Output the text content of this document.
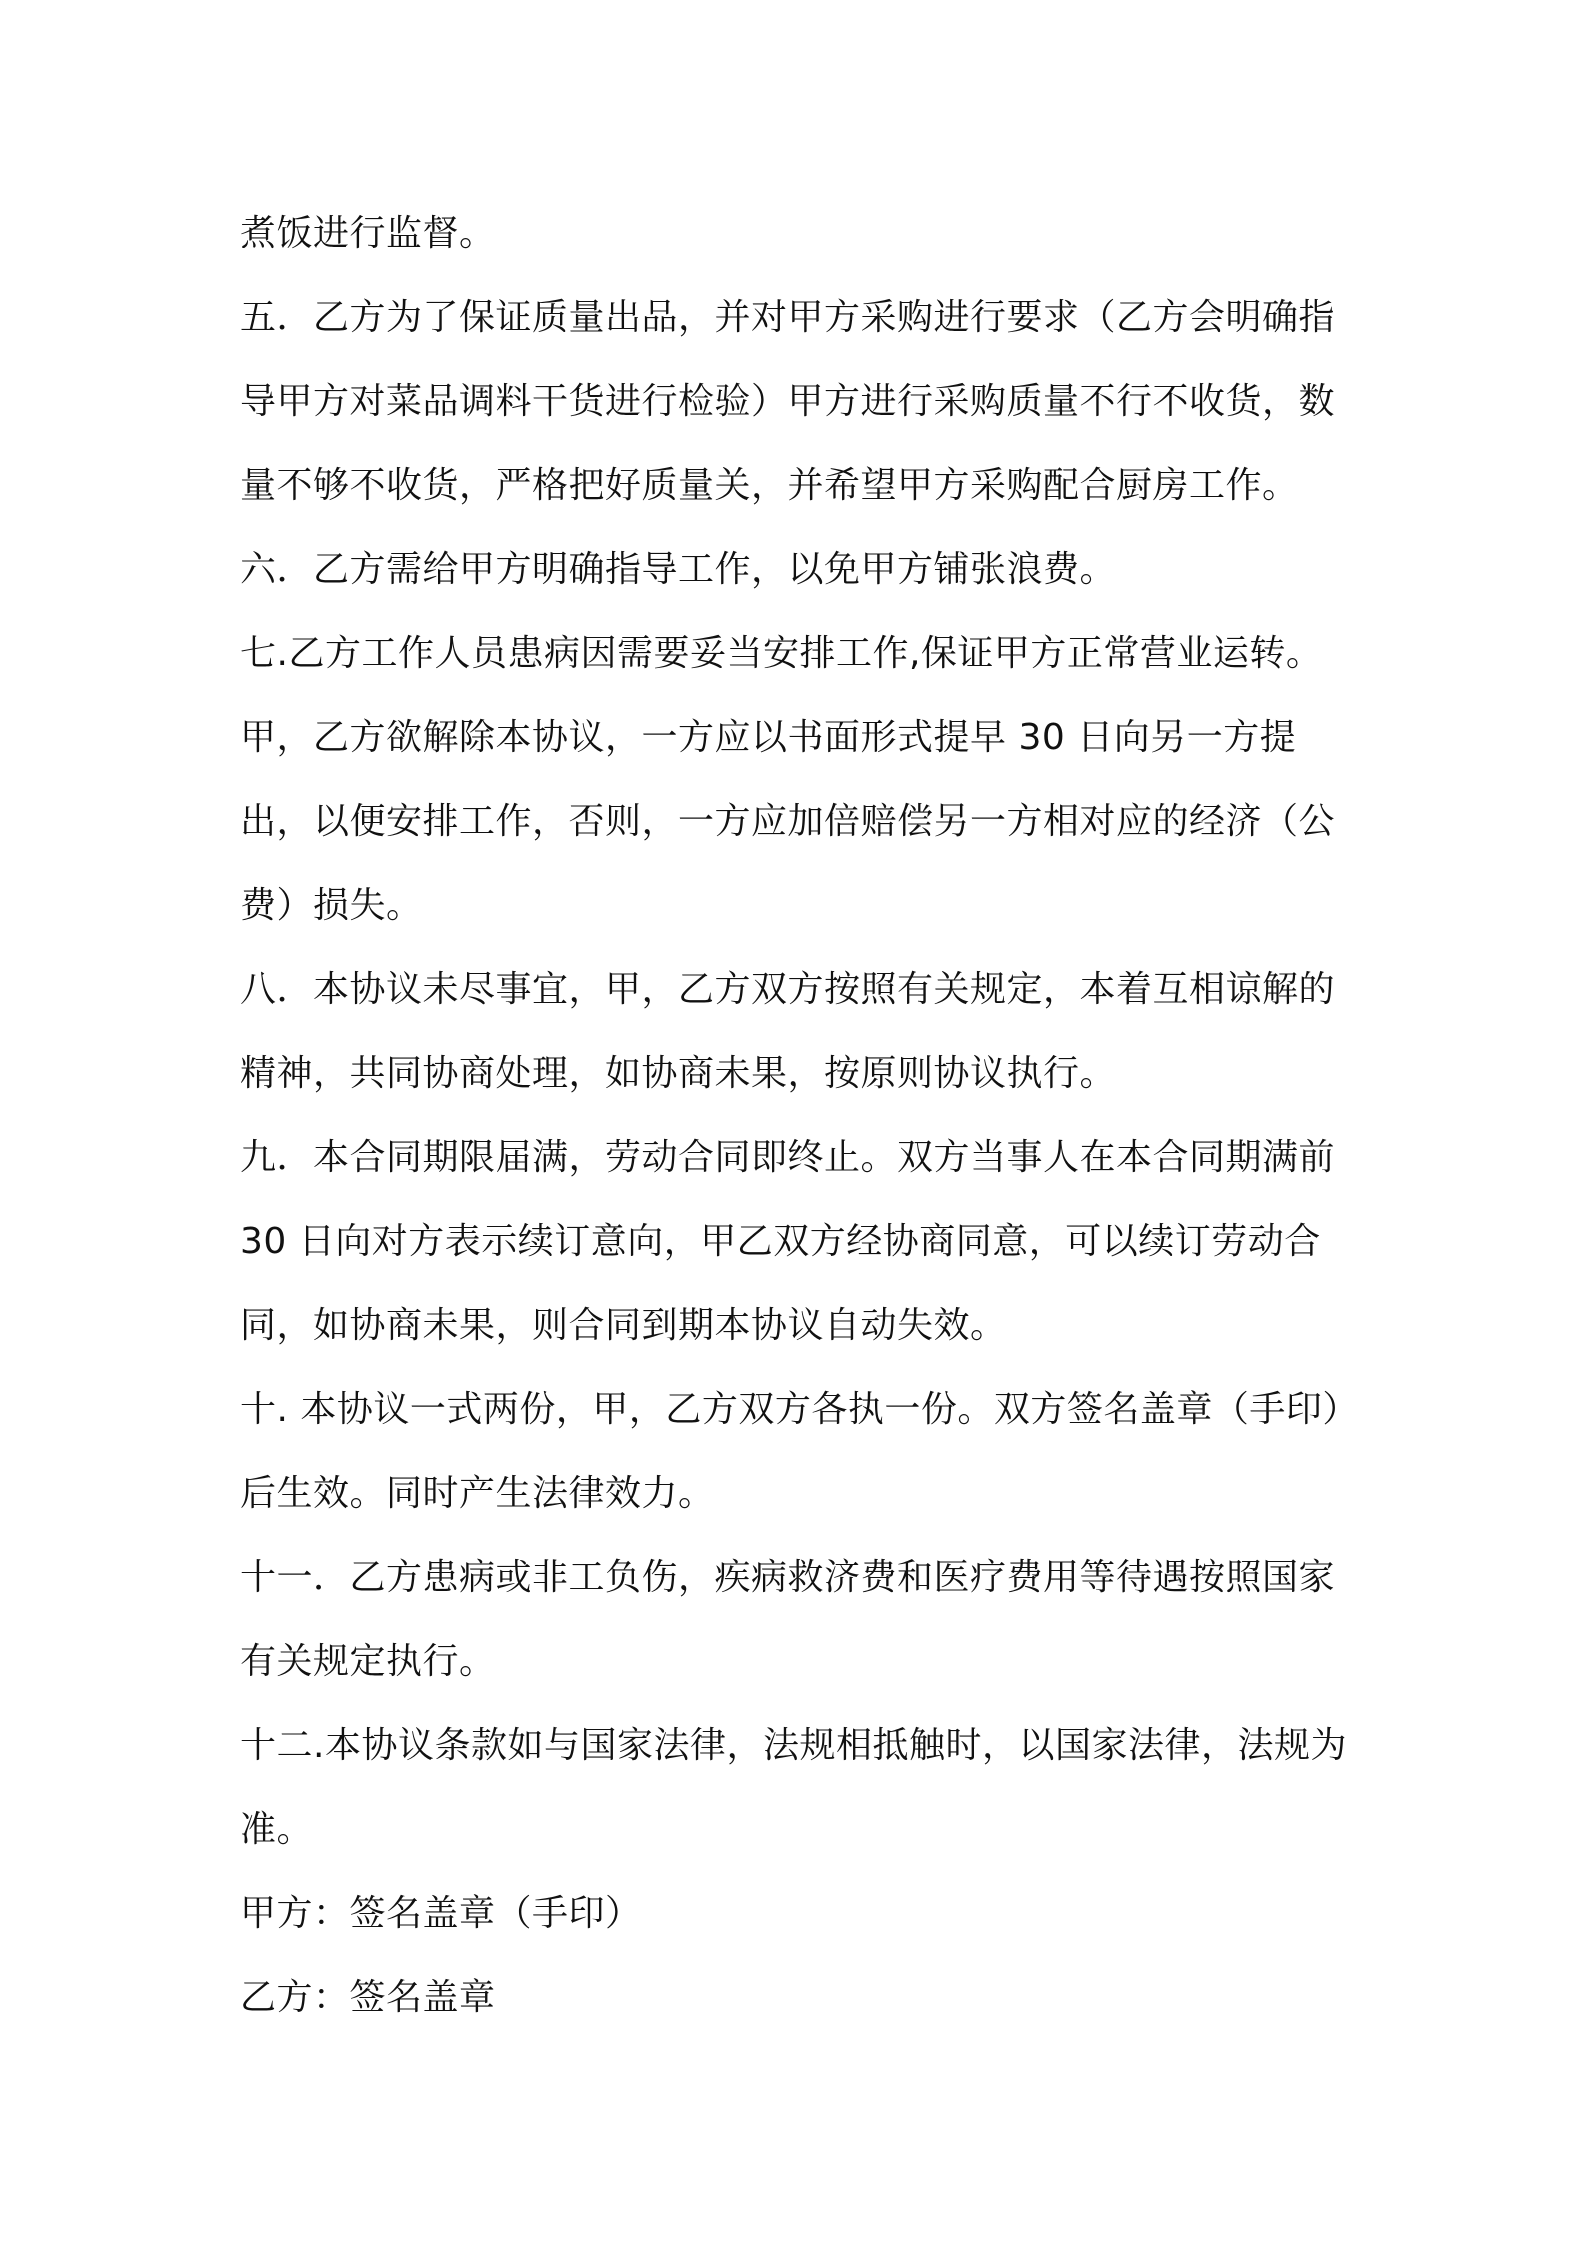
煮饭进行监督。

五．乙方为了保证质量出品，并对甲方采购进行要求（乙方会明确指导甲方对菜品调料干货进行检验）甲方进行采购质量不行不收货，数量不够不收货，严格把好质量关，并希望甲方采购配合厨房工作。

六．乙方需给甲方明确指导工作，以免甲方铺张浪费。

七.乙方工作人员患病因需要妥当安排工作,保证甲方正常营业运转。甲，乙方欲解除本协议，一方应以书面形式提早 30 日向另一方提出，以便安排工作，否则，一方应加倍赔偿另一方相对应的经济（公费）损失。

八．本协议未尽事宜，甲，乙方双方按照有关规定，本着互相谅解的精神，共同协商处理，如协商未果，按原则协议执行。

九．本合同期限届满，劳动合同即终止。双方当事人在本合同期满前 30 日向对方表示续订意向，甲乙双方经协商同意，可以续订劳动合同，如协商未果，则合同到期本协议自动失效。

十. 本协议一式两份，甲，乙方双方各执一份。双方签名盖章（手印）后生效。同时产生法律效力。

十一．乙方患病或非工负伤，疾病救济费和医疗费用等待遇按照国家有关规定执行。

十二.本协议条款如与国家法律，法规相抵触时，以国家法律，法规为准。

甲方：签名盖章（手印）

乙方：签名盖章
